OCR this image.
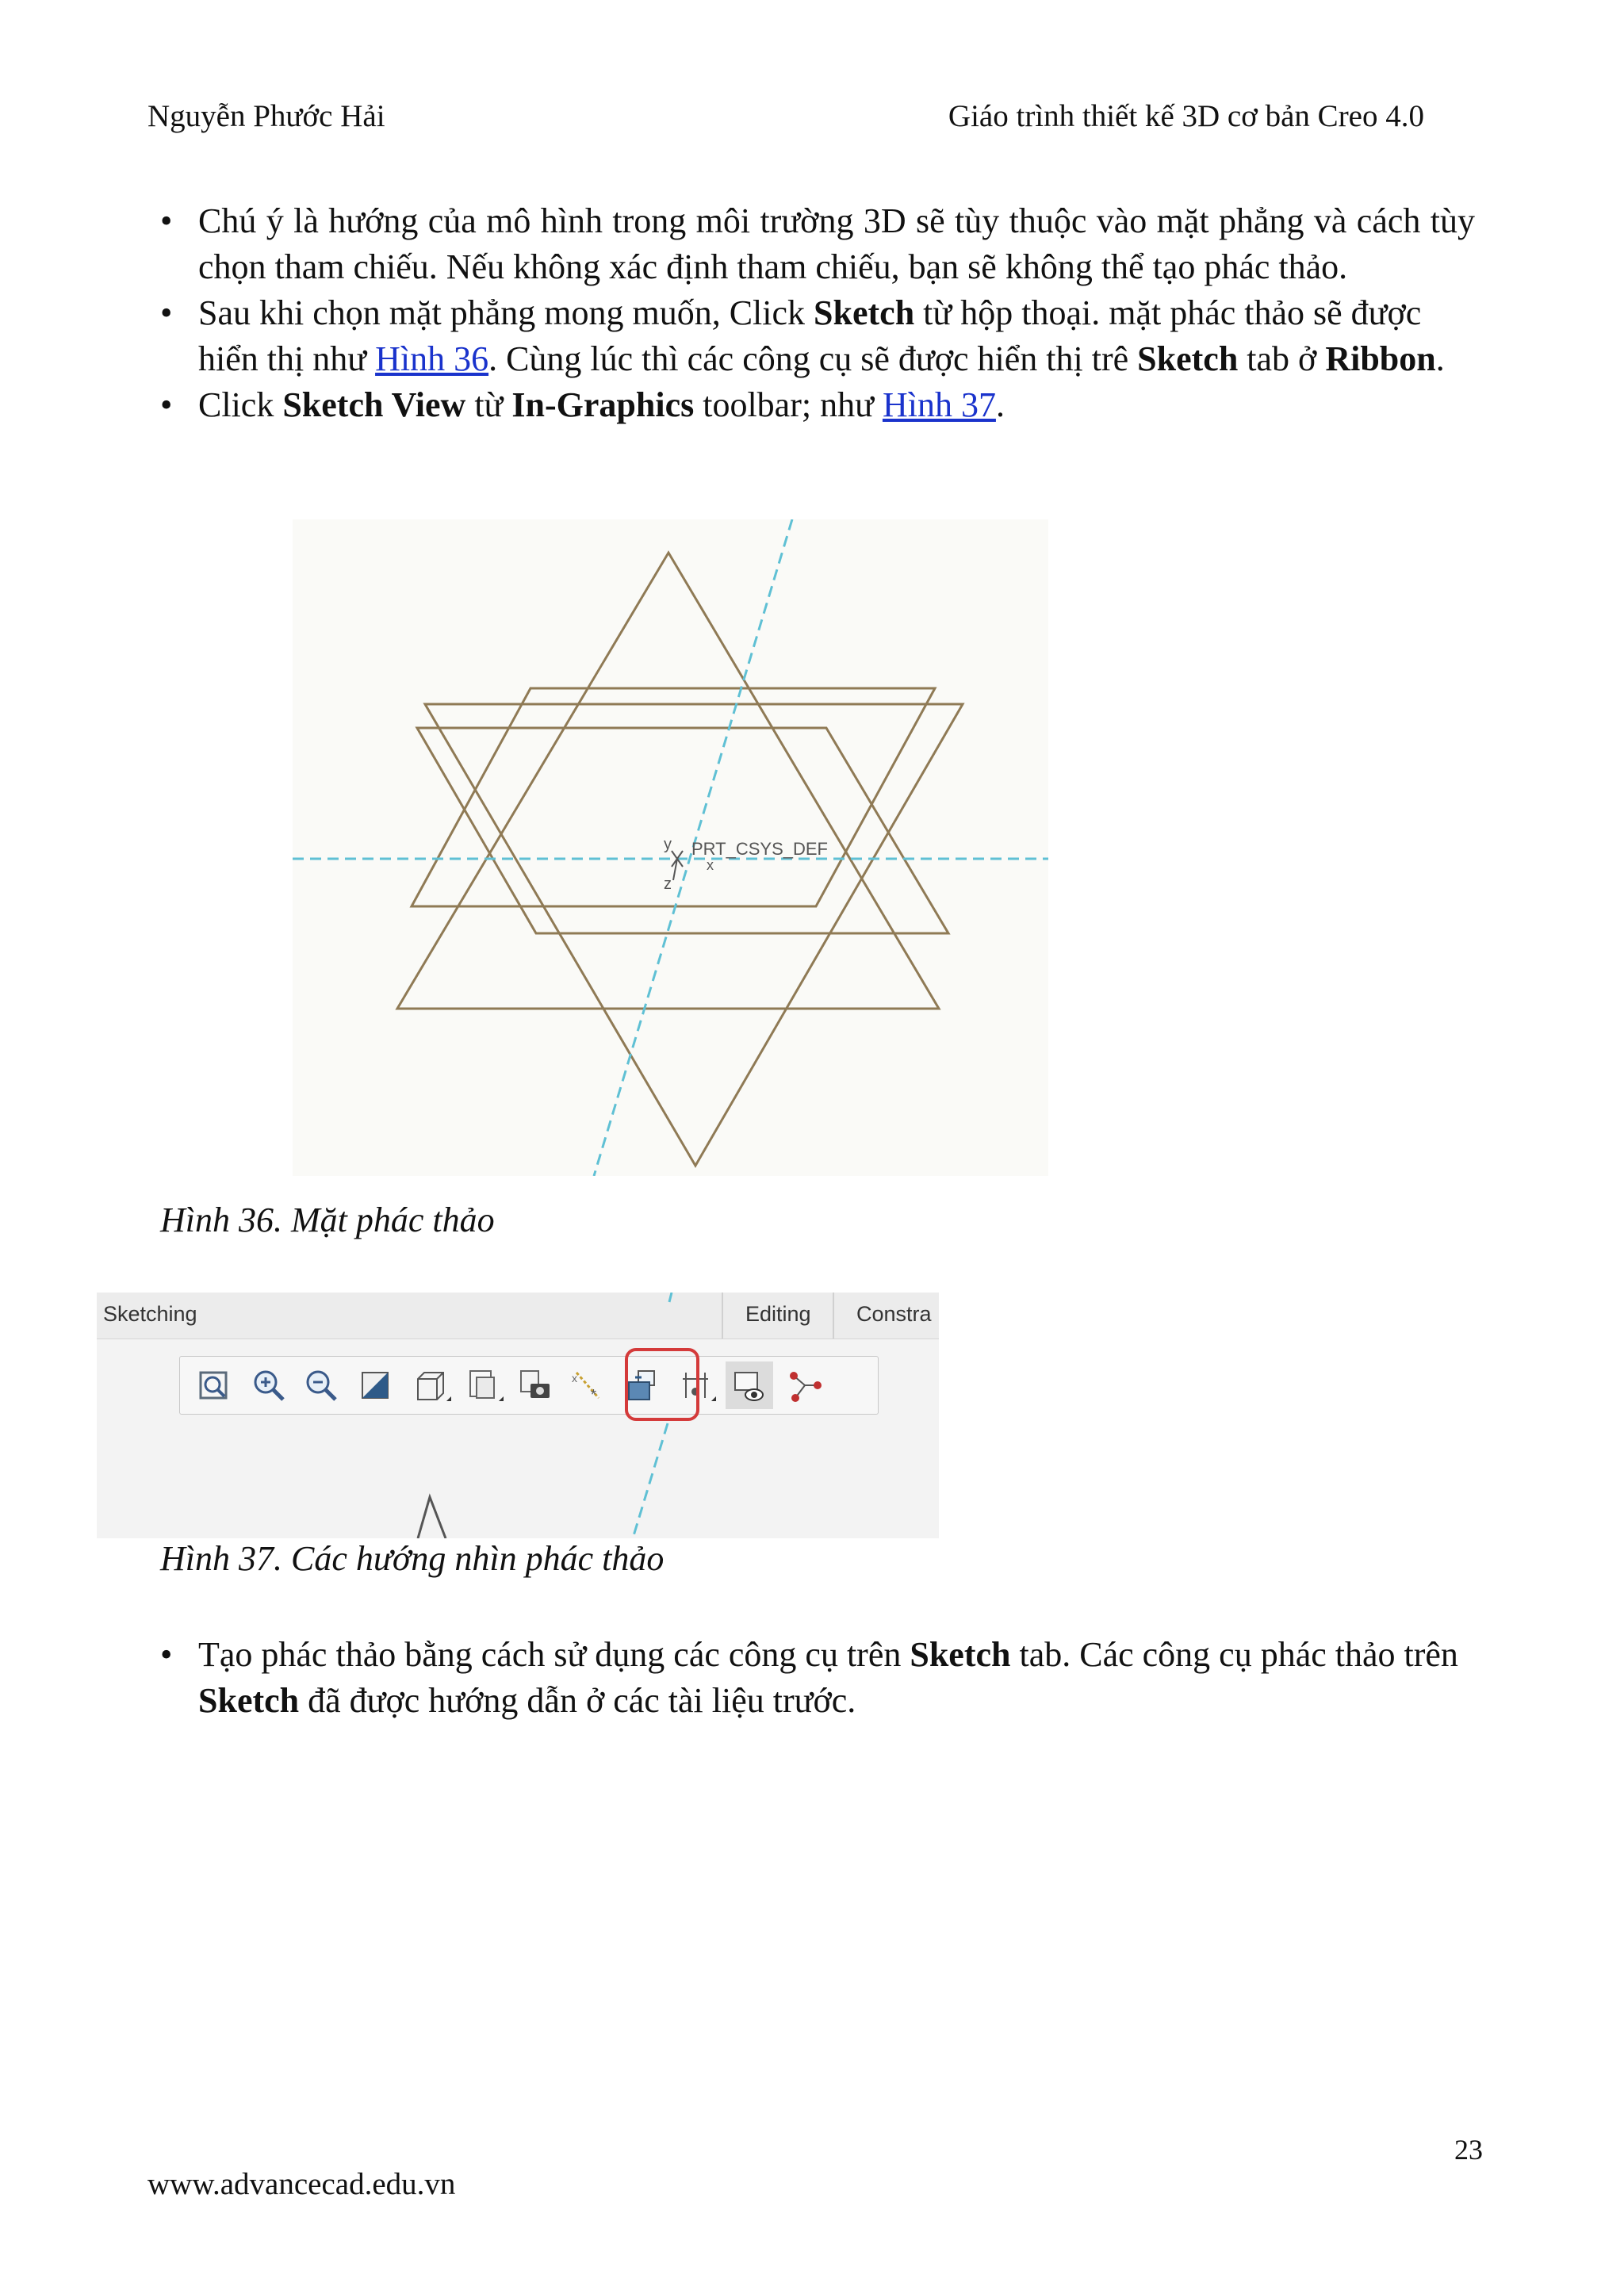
Nguyễn Phước Hải	Giáo trình thiết kế 3D cơ bản Creo 4.0

• Chú ý là hướng của mô hình trong môi trường 3D sẽ tùy thuộc vào mặt phẳng và cách tùy chọn tham chiếu. Nếu không xác định tham chiếu, bạn sẽ không thể tạo phác thảo.

• Sau khi chọn mặt phẳng mong muốn, Click Sketch từ hộp thoại. mặt phác thảo sẽ được hiển thị như Hình 36. Cùng lúc thì các công cụ sẽ được hiển thị trê Sketch tab ở Ribbon.

• Click Sketch View từ In-Graphics toolbar; như Hình 37.

y
z
x
PRT_CSYS_DEF
Hình 36. Mặt phác thảo
Sketching	Editing Constra
x
*
Hình 37. Các hướng nhìn phác thảo

• Tạo phác thảo bằng cách sử dụng các công cụ trên Sketch tab. Các công cụ phác thảo trên Sketch đã được hướng dẫn ở các tài liệu trước.

23
www.advancecad.edu.vn
